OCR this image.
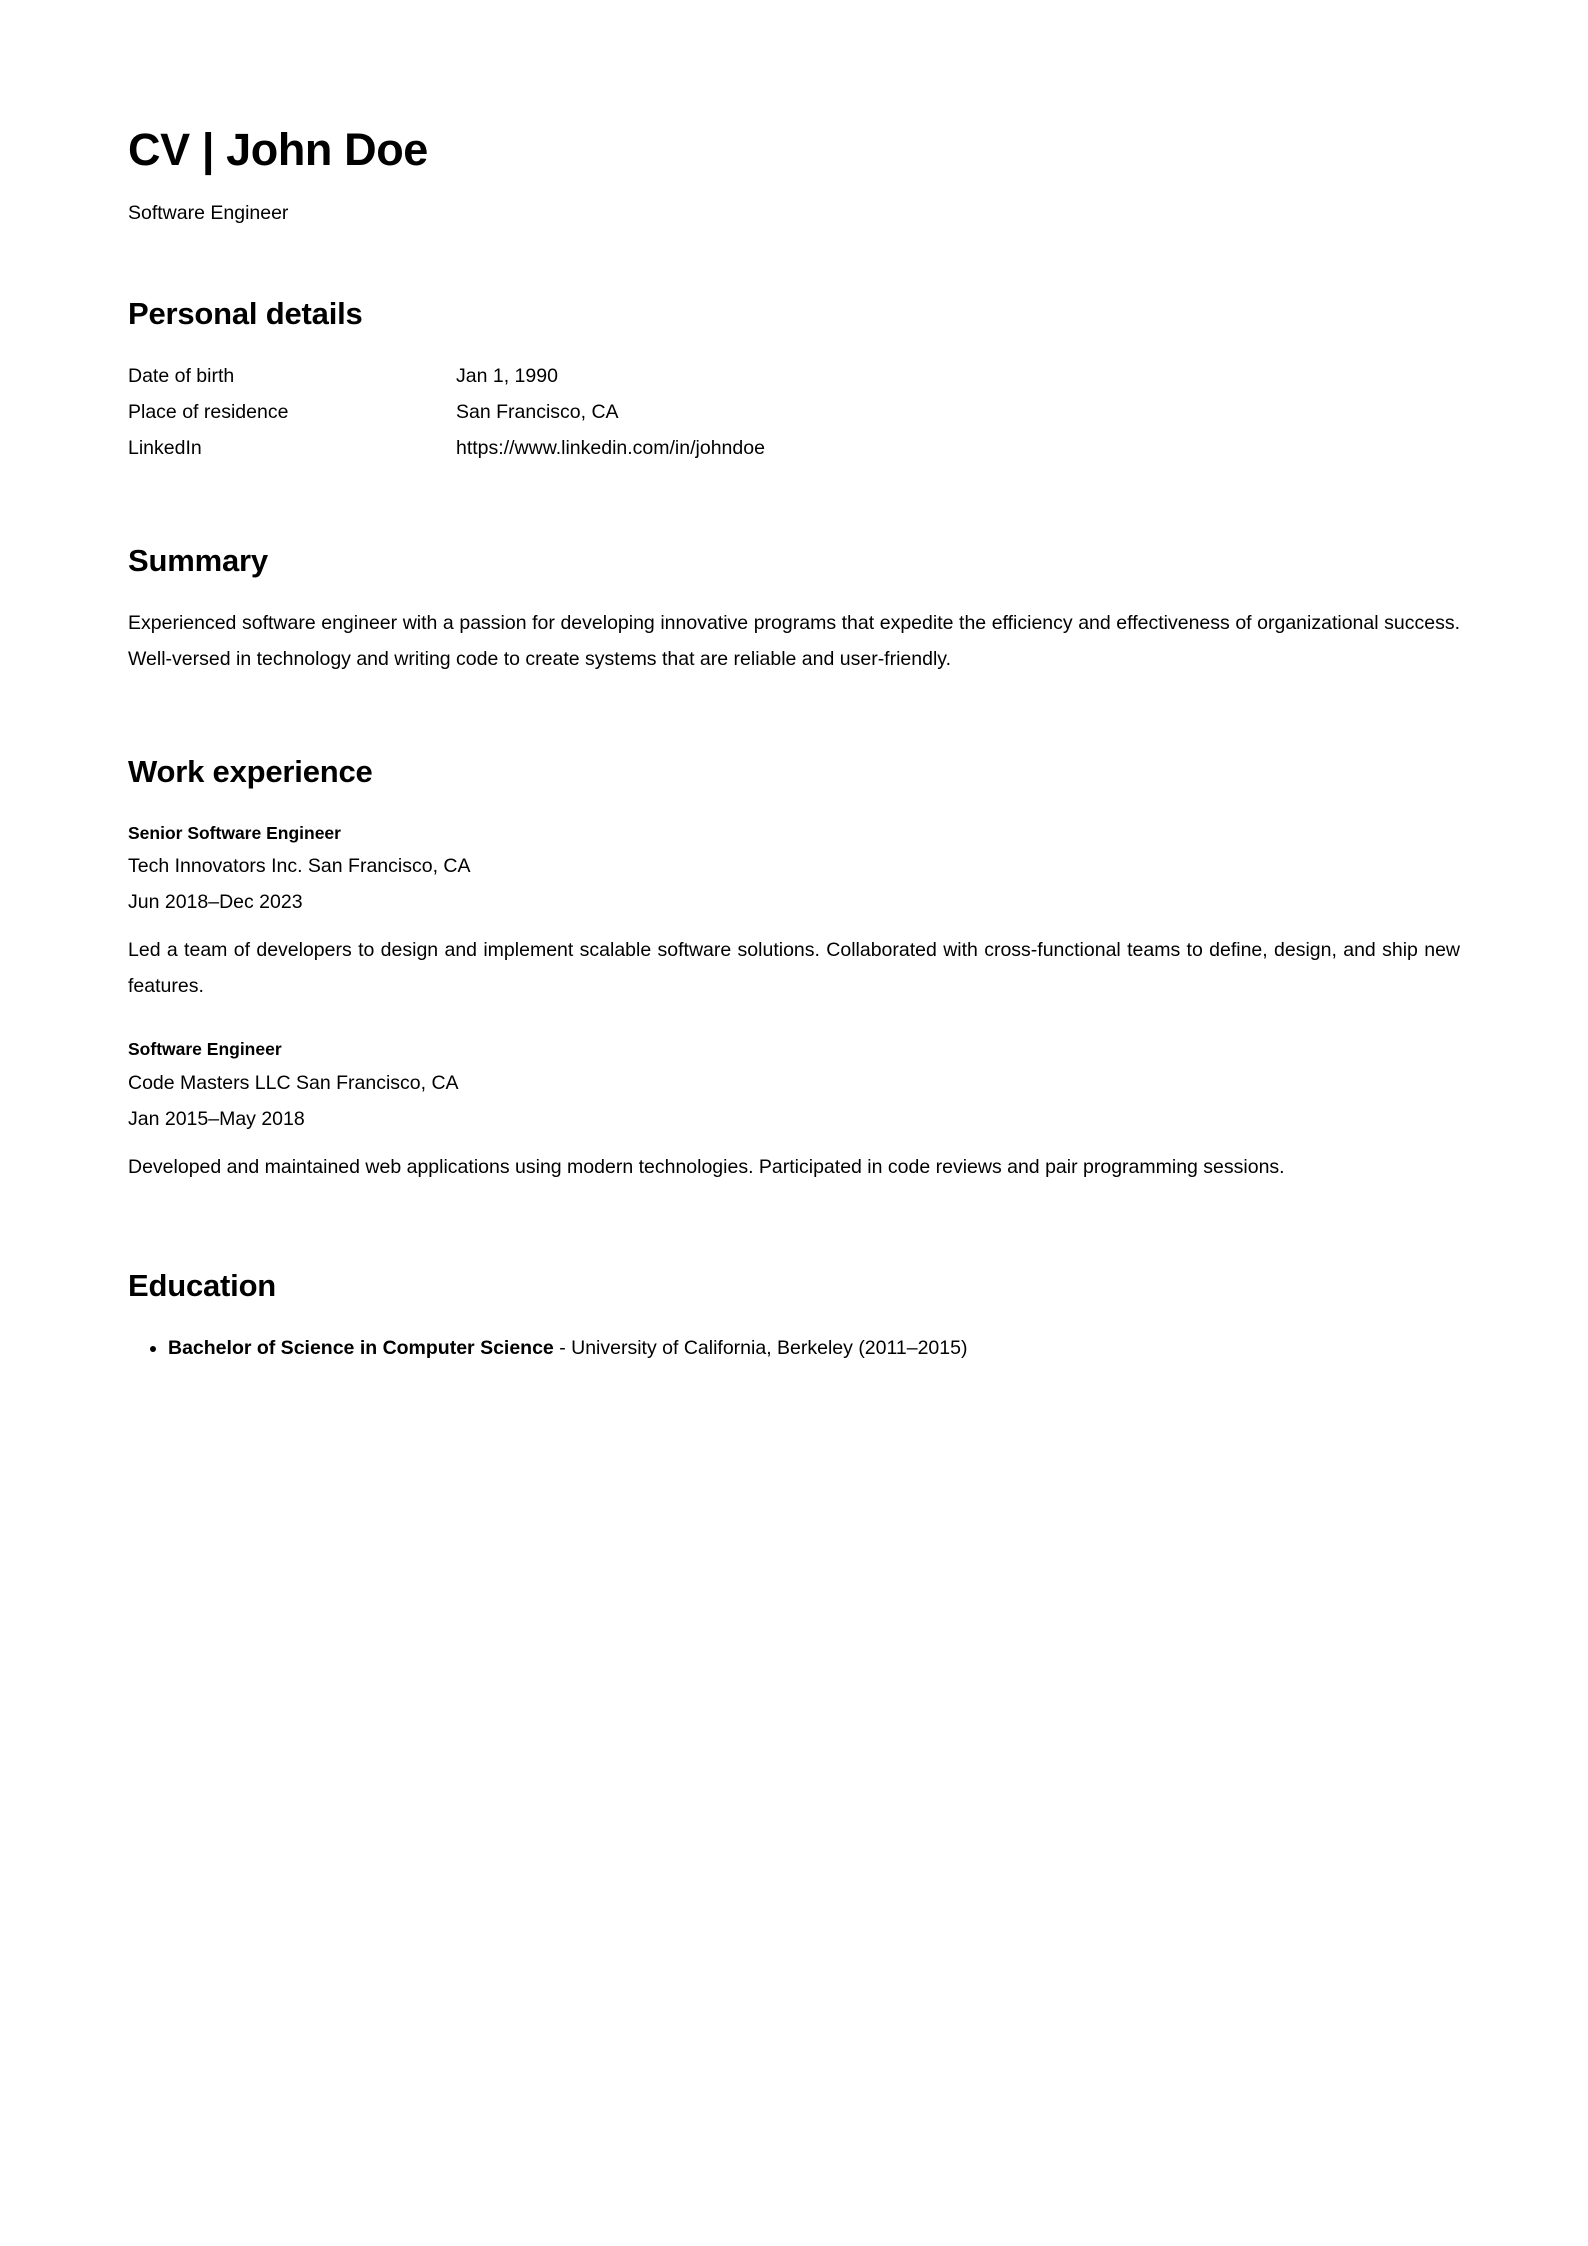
CV | John Doe

Software Engineer

Personal details
Date of birth	Jan 1, 1990
Place of residence	San Francisco, CA
LinkedIn	https://www.linkedin.com/in/johndoe
Summary

Experienced software engineer with a passion for developing innovative programs that expedite the efficiency and effectiveness of organizational success. Well-versed in technology and writing code to create systems that are reliable and user-friendly.

Work experience

Senior Software Engineer

Tech Innovators Inc. San Francisco, CA

Jun 2018–Dec 2023

Led a team of developers to design and implement scalable software solutions. Collaborated with cross-functional teams to define, design, and ship new features.

Software Engineer

Code Masters LLC San Francisco, CA

Jan 2015–May 2018

Developed and maintained web applications using modern technologies. Participated in code reviews and pair programming sessions.

Education
• Bachelor of Science in Computer Science - University of California, Berkeley (2011–2015)
